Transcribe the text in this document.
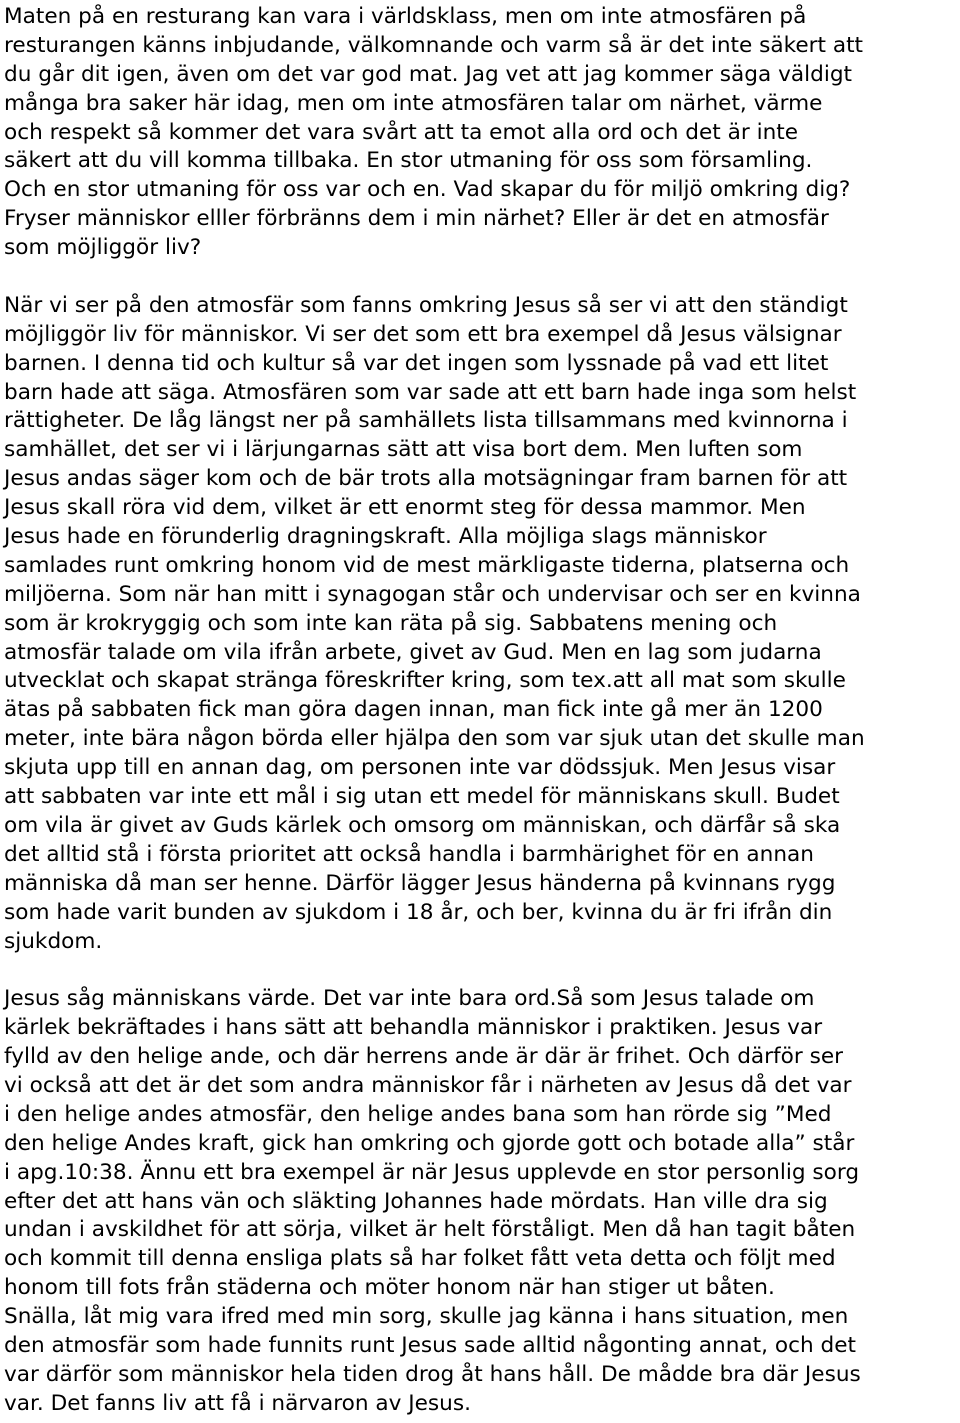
Maten på en resturang kan vara i världsklass, men om inte atmosfären på
resturangen känns inbjudande, välkomnande och varm så är det inte säkert att
du går dit igen, även om det var god mat. Jag vet att jag kommer säga väldigt
många bra saker här idag, men om inte atmosfären talar om närhet, värme
och respekt så kommer det vara svårt att ta emot alla ord och det är inte
säkert att du vill komma tillbaka. En stor utmaning för oss som församling.
Och en stor utmaning för oss var och en. Vad skapar du för miljö omkring dig?
Fryser människor elller förbränns dem i min närhet? Eller är det en atmosfär
som möjliggör liv?
När vi ser på den atmosfär som fanns omkring Jesus så ser vi att den ständigt
möjliggör liv för människor. Vi ser det som ett bra exempel då Jesus välsignar
barnen. I denna tid och kultur så var det ingen som lyssnade på vad ett litet
barn hade att säga. Atmosfären som var sade att ett barn hade inga som helst
rättigheter. De låg längst ner på samhällets lista tillsammans med kvinnorna i
samhället, det ser vi i lärjungarnas sätt att visa bort dem. Men luften som
Jesus andas säger kom och de bär trots alla motsägningar fram barnen för att
Jesus skall röra vid dem, vilket är ett enormt steg för dessa mammor. Men
Jesus hade en förunderlig dragningskraft. Alla möjliga slags människor
samlades runt omkring honom vid de mest märkligaste tiderna, platserna och
miljöerna. Som när han mitt i synagogan står och undervisar och ser en kvinna
som är krokryggig och som inte kan räta på sig. Sabbatens mening och
atmosfär talade om vila ifrån arbete, givet av Gud. Men en lag som judarna
utvecklat och skapat stränga föreskrifter kring, som tex.att all mat som skulle
ätas på sabbaten fick man göra dagen innan, man fick inte gå mer än 1200
meter, inte bära någon börda eller hjälpa den som var sjuk utan det skulle man
skjuta upp till en annan dag, om personen inte var dödssjuk. Men Jesus visar
att sabbaten var inte ett mål i sig utan ett medel för människans skull. Budet
om vila är givet av Guds kärlek och omsorg om människan, och därfår så ska
det alltid stå i första prioritet att också handla i barmhärighet för en annan
människa då man ser henne. Därför lägger Jesus händerna på kvinnans rygg
som hade varit bunden av sjukdom i 18 år, och ber, kvinna du är fri ifrån din
sjukdom.
Jesus såg människans värde. Det var inte bara ord.Så som Jesus talade om
kärlek bekräftades i hans sätt att behandla människor i praktiken. Jesus var
fylld av den helige ande, och där herrens ande är där är frihet. Och därför ser
vi också att det är det som andra människor får i närheten av Jesus då det var
i den helige andes atmosfär, den helige andes bana som han rörde sig ”Med
den helige Andes kraft, gick han omkring och gjorde gott och botade alla” står
i apg.10:38. Ännu ett bra exempel är när Jesus upplevde en stor personlig sorg
efter det att hans vän och släkting Johannes hade mördats. Han ville dra sig
undan i avskildhet för att sörja, vilket är helt förståligt. Men då han tagit båten
och kommit till denna ensliga plats så har folket fått veta detta och följt med
honom till fots från städerna och möter honom när han stiger ut båten.
Snälla, låt mig vara ifred med min sorg, skulle jag känna i hans situation, men
den atmosfär som hade funnits runt Jesus sade alltid någonting annat, och det
var därför som människor hela tiden drog åt hans håll. De mådde bra där Jesus
var. Det fanns liv att få i närvaron av Jesus.
